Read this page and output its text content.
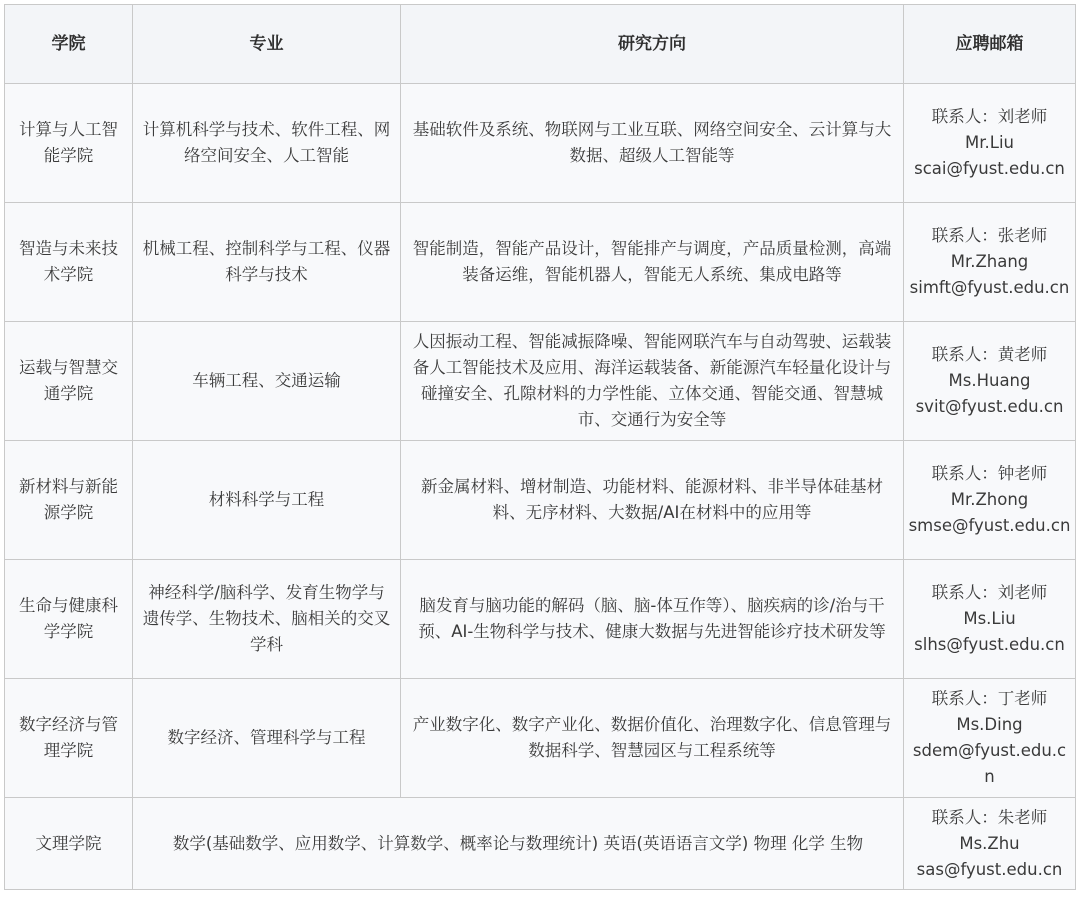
学院	专业	研究方向	应聘邮箱
计算与人工智能学院	计算机科学与技术、软件工程、网络空间安全、人工智能	基础软件及系统、物联网与工业互联、网络空间安全、云计算与大数据、超级人工智能等	联系人：刘老师
Mr.Liu
scai@fyust.edu.cn

智造与未来技术学院	机械工程、控制科学与工程、仪器科学与技术	智能制造，智能产品设计，智能排产与调度，产品质量检测，高端装备运维，智能机器人，智能无人系统、集成电路等	联系人：张老师
Mr.Zhang
simft@fyust.edu.cn

运载与智慧交通学院	车辆工程、交通运输	人因振动工程、智能减振降噪、智能网联汽车与自动驾驶、运载装备人工智能技术及应用、海洋运载装备、新能源汽车轻量化设计与碰撞安全、孔隙材料的力学性能、立体交通、智能交通、智慧城市、交通行为安全等	联系人：黄老师
Ms.Huang
svit@fyust.edu.cn

新材料与新能源学院	材料科学与工程	新金属材料、增材制造、功能材料、能源材料、非半导体硅基材料、无序材料、大数据/AI在材料中的应用等	联系人：钟老师
Mr.Zhong
smse@fyust.edu.cn

生命与健康科学学院	神经科学/脑科学、发育生物学与遗传学、生物技术、脑相关的交叉学科	脑发育与脑功能的解码（脑、脑-体互作等）、脑疾病的诊/治与干预、AI-生物科学与技术、健康大数据与先进智能诊疗技术研发等	联系人：刘老师
Ms.Liu
slhs@fyust.edu.cn

数字经济与管理学院	数字经济、管理科学与工程	产业数字化、数字产业化、数据价值化、治理数字化、信息管理与数据科学、智慧园区与工程系统等	联系人：丁老师
Ms.Ding
sdem@fyust.edu.cn

文理学院	数学(基础数学、应用数学、计算数学、概率论与数理统计) 英语(英语语言文学) 物理 化学 生物		联系人：朱老师
Ms.Zhu
sas@fyust.edu.cn
